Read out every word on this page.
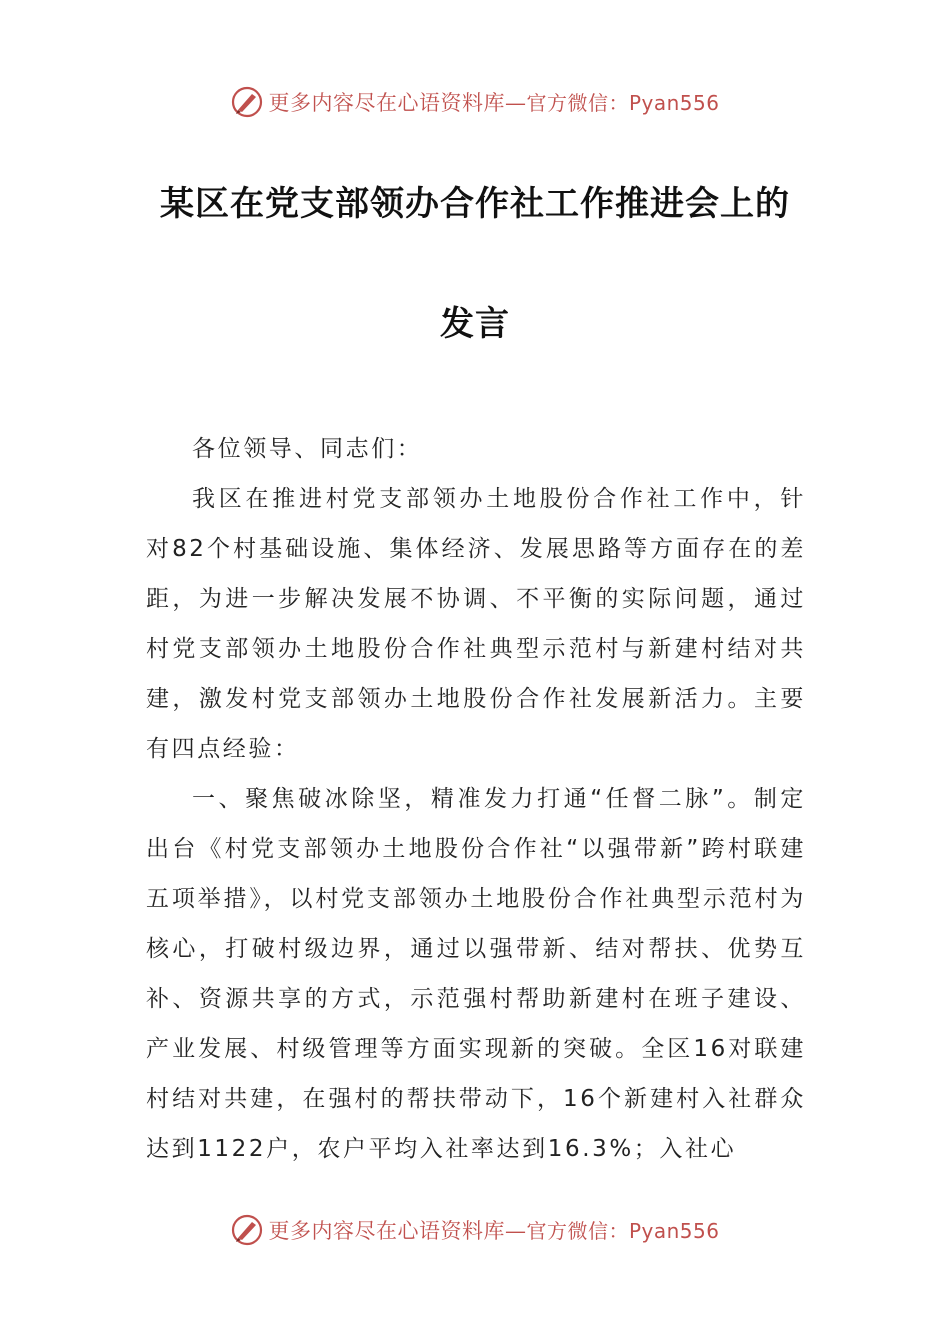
更多内容尽在心语资料库—官方微信：Pyan556
某区在党支部领办合作社工作推进会上的
发言

各位领导、同志们：

我区在推进村党支部领办土地股份合作社工作中，针对82个村基础设施、集体经济、发展思路等方面存在的差距，为进一步解决发展不协调、不平衡的实际问题，通过村党支部领办土地股份合作社典型示范村与新建村结对共建，激发村党支部领办土地股份合作社发展新活力。主要有四点经验：

一、聚焦破冰除坚，精准发力打通“任督二脉”。制定出台《村党支部领办土地股份合作社“以强带新”跨村联建五项举措》，以村党支部领办土地股份合作社典型示范村为核心，打破村级边界，通过以强带新、结对帮扶、优势互补、资源共享的方式，示范强村帮助新建村在班子建设、产业发展、村级管理等方面实现新的突破。全区16对联建村结对共建，在强村的帮扶带动下，16个新建村入社群众达到1122户，农户平均入社率达到16.3%；入社心

更多内容尽在心语资料库—官方微信：Pyan556
